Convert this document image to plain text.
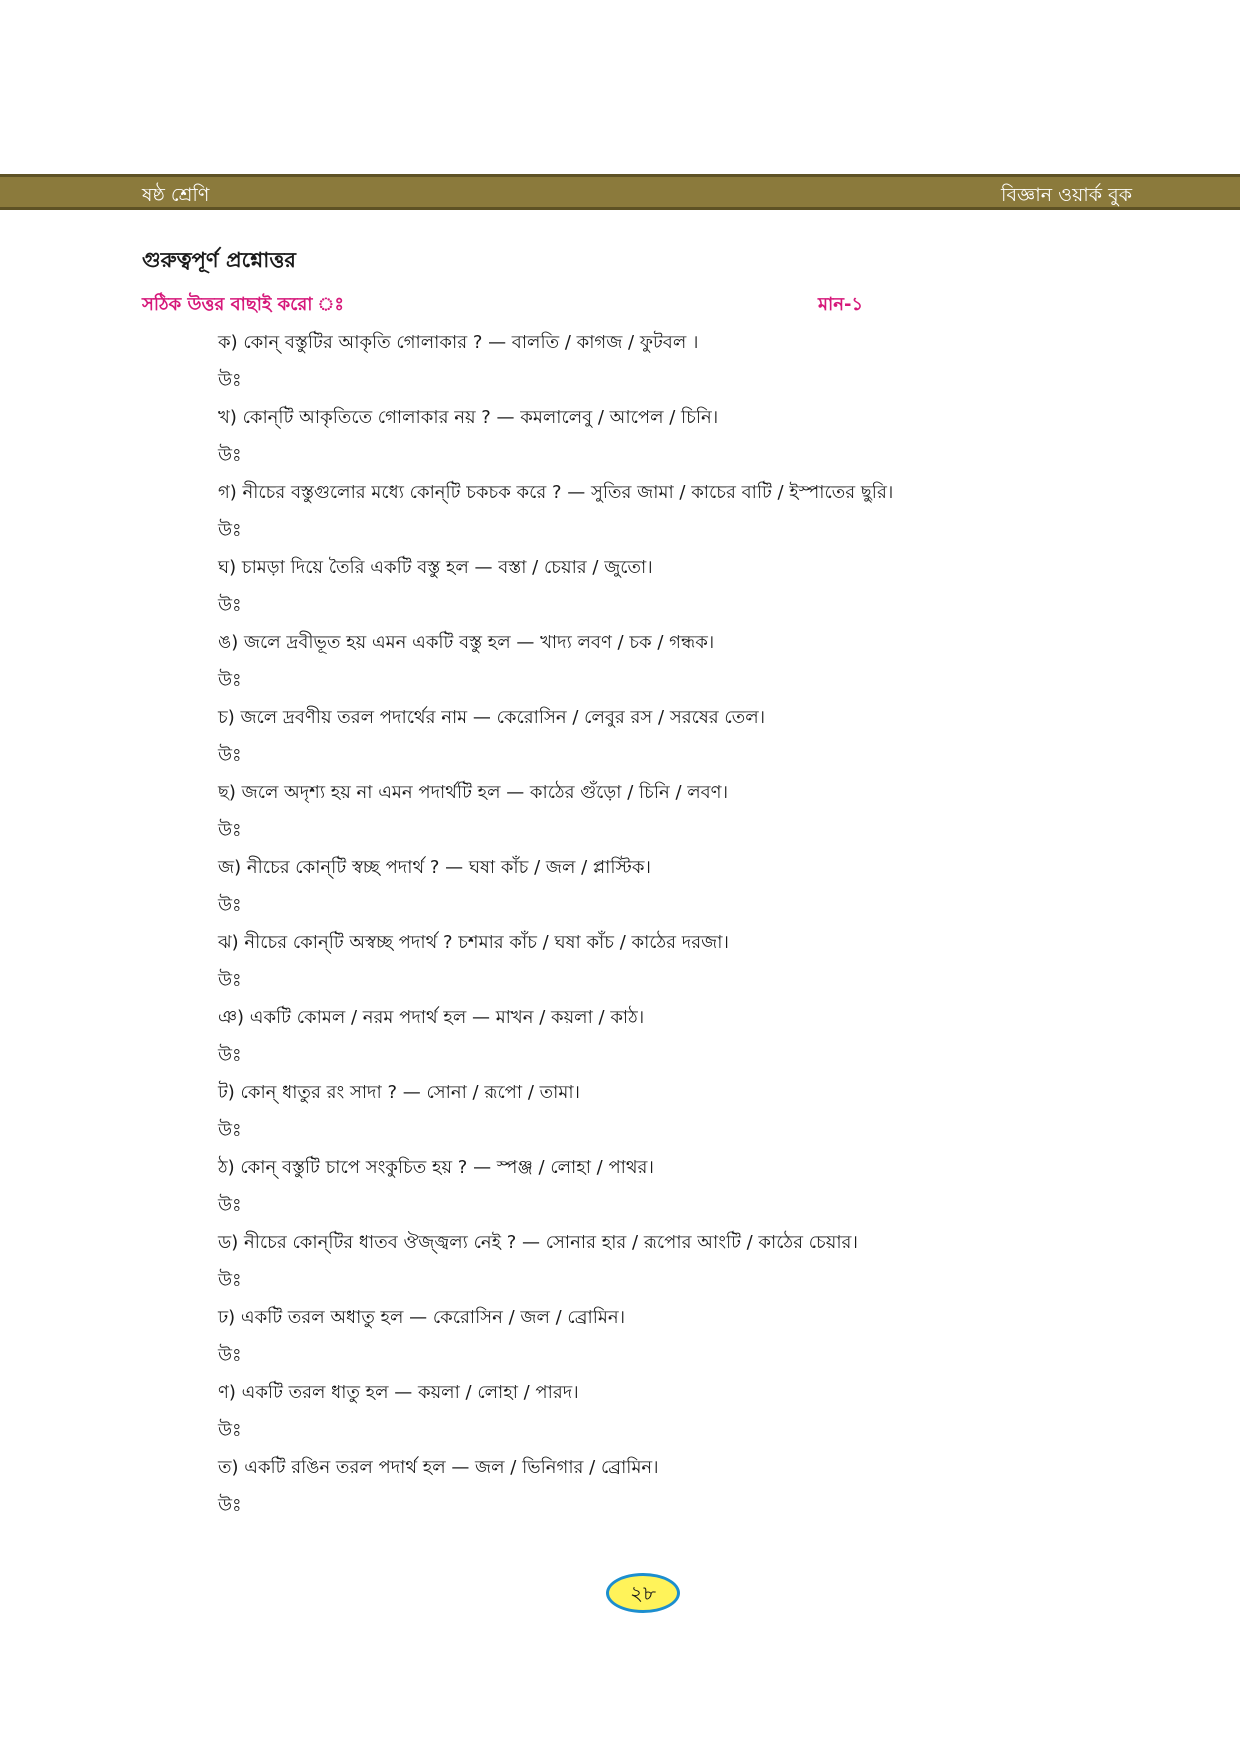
ষষ্ঠ শ্রেণি	বিজ্ঞান ওয়ার্ক বুক
গুরুত্বপূর্ণ প্রশ্নোত্তর
সঠিক উত্তর বাছাই করো ঃ	মান-১
ক) কোন্ বস্তুটির আকৃতি গোলাকার ? — বালতি / কাগজ / ফুটবল ।
উঃ
খ) কোন্‌টি আকৃতিতে গোলাকার নয় ? — কমলালেবু / আপেল / চিনি।
উঃ
গ) নীচের বস্তুগুলোর মধ্যে কোন্‌টি চকচক করে ? — সুতির জামা / কাচের বাটি / ইস্পাতের ছুরি।
উঃ
ঘ) চামড়া দিয়ে তৈরি একটি বস্তু হল — বস্তা / চেয়ার / জুতো।
উঃ
ঙ) জলে দ্রবীভূত হয় এমন একটি বস্তু হল — খাদ্য লবণ / চক / গন্ধক।
উঃ
চ) জলে দ্রবণীয় তরল পদার্থের নাম — কেরোসিন / লেবুর রস / সরষের তেল।
উঃ
ছ) জলে অদৃশ্য হয় না এমন পদার্থটি হল — কাঠের গুঁড়ো / চিনি / লবণ।
উঃ
জ) নীচের কোন্‌টি স্বচ্ছ পদার্থ ? — ঘষা কাঁচ / জল / প্লাস্টিক।
উঃ
ঝ) নীচের কোন্‌টি অস্বচ্ছ পদার্থ ? চশমার কাঁচ / ঘষা কাঁচ / কাঠের দরজা।
উঃ
ঞ) একটি কোমল / নরম পদার্থ হল — মাখন / কয়লা / কাঠ।
উঃ
ট) কোন্ ধাতুর রং সাদা ? — সোনা / রূপো / তামা।
উঃ
ঠ) কোন্ বস্তুটি চাপে সংকুচিত হয় ? — স্পঞ্জ / লোহা / পাথর।
উঃ
ড) নীচের কোন্‌টির ধাতব ঔজ্জ্বল্য নেই ? — সোনার হার / রূপোর আংটি / কাঠের চেয়ার।
উঃ
ঢ) একটি তরল অধাতু হল — কেরোসিন / জল / ব্রোমিন।
উঃ
ণ) একটি তরল ধাতু হল — কয়লা / লোহা / পারদ।
উঃ
ত) একটি রঙিন তরল পদার্থ হল — জল / ভিনিগার / ব্রোমিন।
উঃ
২৮
